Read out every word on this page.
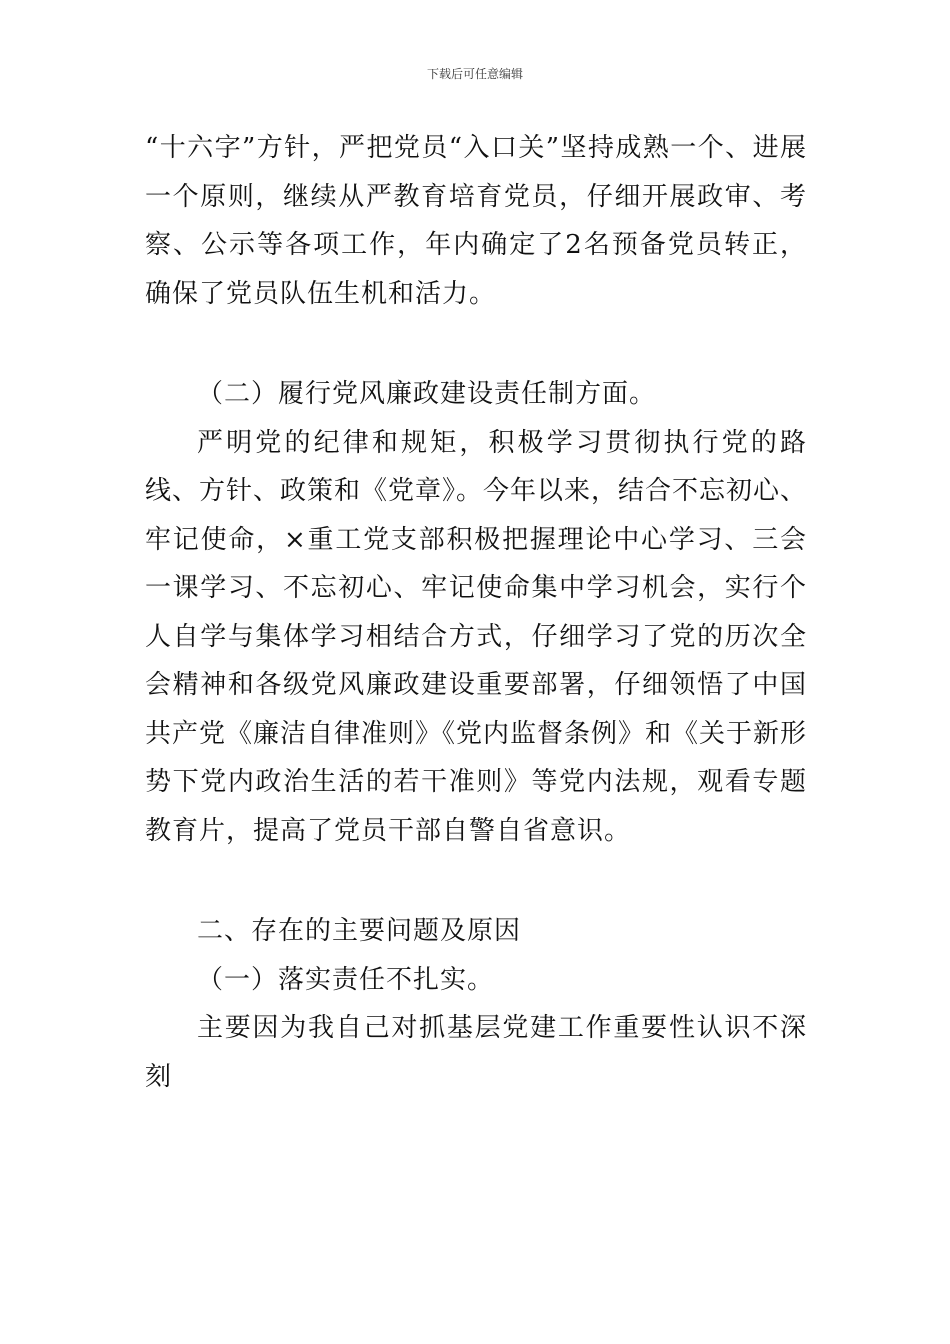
下载后可任意编辑

“十六字”方针，严把党员“入口关”坚持成熟一个、进展一个原则，继续从严教育培育党员，仔细开展政审、考察、公示等各项工作，年内确定了2名预备党员转正，确保了党员队伍生机和活力。

（二）履行党风廉政建设责任制方面。

严明党的纪律和规矩，积极学习贯彻执行党的路线、方针、政策和《党章》。今年以来，结合不忘初心、牢记使命，×重工党支部积极把握理论中心学习、三会一课学习、不忘初心、牢记使命集中学习机会，实行个人自学与集体学习相结合方式，仔细学习了党的历次全会精神和各级党风廉政建设重要部署，仔细领悟了中国共产党《廉洁自律准则》《党内监督条例》和《关于新形势下党内政治生活的若干准则》等党内法规，观看专题教育片，提高了党员干部自警自省意识。

二、存在的主要问题及原因

（一）落实责任不扎实。

主要因为我自己对抓基层党建工作重要性认识不深刻
